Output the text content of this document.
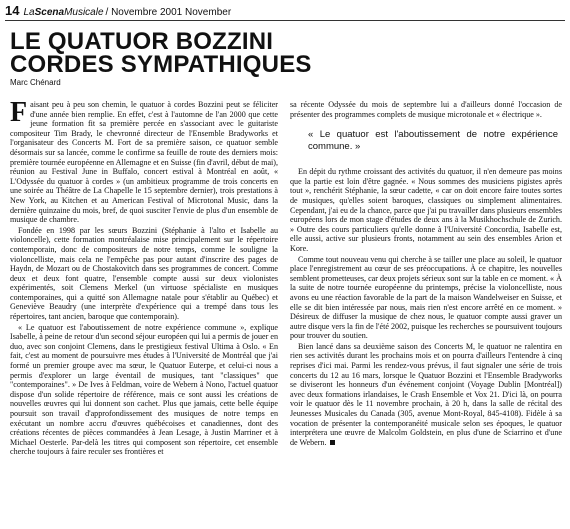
14 LaScenaMusicale / Novembre 2001 November
LE QUATUOR BOZZINI
CORDES SYMPATHIQUES
Marc Chénard

Faisant peu à peu son chemin, le quatuor à cordes Bozzini peut se féliciter d'une année bien remplie. En effet, c'est à l'automne de l'an 2000 que cette jeune formation fit sa première percée en s'associant avec le guitariste compositeur Tim Brady, le chevronné directeur de l'Ensemble Bradyworks et l'organisateur des Concerts M. Fort de sa première saison, ce quatuor semble désormais sur sa lancée, comme le confirme sa feuille de route des derniers mois: première tournée européenne en Allemagne et en Suisse (fin d'avril, début de mai), réunion au Festival June in Buffalo, concert estival à Montréal en août, « L'Odyssée du quatuor à cordes » (un ambitieux programme de trois concerts en une soirée au Théâtre de La Chapelle le 15 septembre dernier), trois prestations à New York, au Kitchen et au American Festival of Microtonal Music, dans la dernière quinzaine du mois, bref, de quoi susciter l'envie de plus d'un ensemble de musique de chambre.

Fondée en 1998 par les sœurs Bozzini (Stéphanie à l'alto et Isabelle au violoncelle), cette formation montréalaise mise principalement sur le répertoire contemporain, donc de compositeurs de notre temps, comme le souligne la violoncelliste, mais cela ne l'empêche pas pour autant d'inscrire des pages de Haydn, de Mozart ou de Chostakovitch dans ses programmes de concert. Comme deux et deux font quatre, l'ensemble compte aussi sur deux violonistes expérimentés, soit Clemens Merkel (un virtuose spécialiste en musiques contemporaines, qui a quitté son Allemagne natale pour s'établir au Québec) et Geneviève Beaudry (une interprète d'expérience qui a trempé dans tous les répertoires, tant ancien, baroque que contemporain).

« Le quatuor est l'aboutissement de notre expérience commune », explique Isabelle, à peine de retour d'un second séjour européen qui lui a permis de jouer en duo, avec son conjoint Clemens, dans le prestigieux festival Ultima à Oslo. « En fait, c'est au moment de poursuivre mes études à l'Université de Montréal que j'ai formé un premier groupe avec ma sœur, le Quatuor Euterpe, et celui-ci nous a permis d'explorer un large éventail de musiques, tant "classiques" que "contemporaines". » De Ives à Feldman, voire de Webern à Nono, l'actuel quatuor dispose d'un solide répertoire de référence, mais ce sont aussi les créations de nouvelles œuvres qui lui donnent son cachet. Plus que jamais, cette belle équipe poursuit son travail d'approfondissement des musiques de notre temps en exécutant un nombre accru d'œuvres québécoises et canadiennes, dont des créations récentes de pièces commandées à Jean Lesage, à Justin Marriner et à Michael Oesterle. Par-delà les titres qui composent son répertoire, cet ensemble cherche toujours à faire reculer ses frontières et

sa récente Odyssée du mois de septembre lui a d'ailleurs donné l'occasion de présenter des programmes complets de musique microtonale et « électrique ».

« Le quatuor est l'aboutissement de notre expérience commune. »

En dépit du rythme croissant des activités du quatuor, il n'en demeure pas moins que la partie est loin d'être gagnée. « Nous sommes des musiciens pigistes après tout », renchérit Stéphanie, la sœur cadette, « car on doit encore faire toutes sortes de musiques, qu'elles soient baroques, classiques ou simplement alimentaires. Cependant, j'ai eu de la chance, parce que j'ai pu travailler dans plusieurs ensembles européens lors de mon stage d'études de deux ans à la Musikhochschule de Zurich. » Outre des cours particuliers qu'elle donne à l'Université Concordia, Isabelle est, elle aussi, active sur plusieurs fronts, notamment au sein des ensembles Arion et Kore.

Comme tout nouveau venu qui cherche à se tailler une place au soleil, le quatuor place l'enregistrement au cœur de ses préoccupations. À ce chapitre, les nouvelles semblent prometteuses, car deux projets sérieux sont sur la table en ce moment. « À la suite de notre tournée européenne du printemps, précise la violoncelliste, nous avons eu une réaction favorable de la part de la maison Wandelweiser en Suisse, et elle se dit bien intéressée par nous, mais rien n'est encore arrêté en ce moment. » Désireux de diffuser la musique de chez nous, le quatuor compte aussi graver un autre disque vers la fin de l'été 2002, puisque les recherches se poursuivent toujours pour trouver du soutien.

Bien lancé dans sa deuxième saison des Concerts M, le quatuor ne ralentira en rien ses activités durant les prochains mois et on pourra d'ailleurs l'entendre à cinq reprises d'ici mai. Parmi les rendez-vous prévus, il faut signaler une série de trois concerts du 12 au 16 mars, lorsque le Quatuor Bozzini et l'Ensemble Bradyworks se diviseront les honneurs d'un événement conjoint (Voyage Dublin [Montréal]) avec deux formations irlandaises, le Crash Ensemble et Vox 21. D'ici là, on pourra voir le quatuor dès le 11 novembre prochain, à 20 h, dans la salle de récital des Jeunesses Musicales du Canada (305, avenue Mont-Royal, 845-4108). Fidèle à sa vocation de présenter la contemporanéité musicale selon ses époques, le quatuor interprétera une œuvre de Malcolm Goldstein, en plus d'une de Sciarrino et d'une de Webern.
